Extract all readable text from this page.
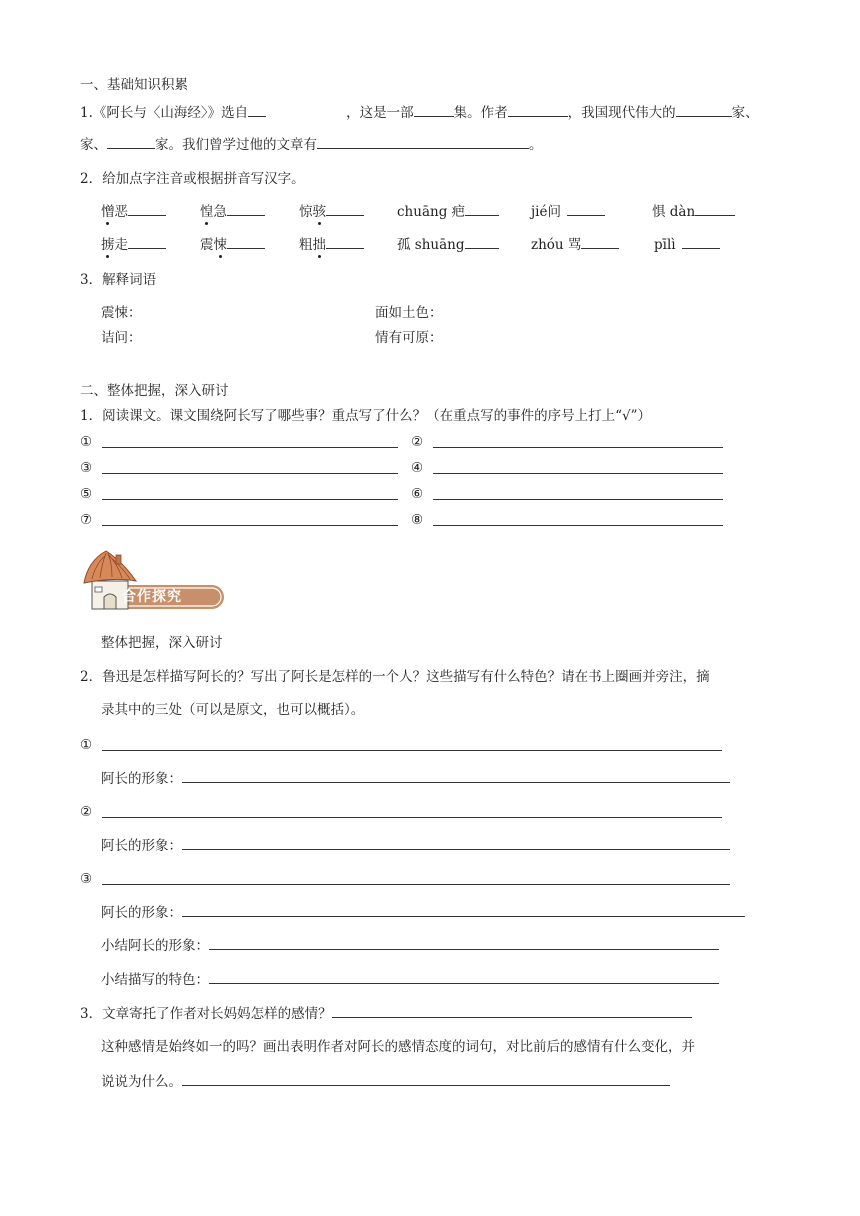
一、基础知识积累
1.《阿长与〈山海经〉》选自	，这是一部	集。作者	，我国现代伟大的	家、
家、	家。我们曾学过他的文章有	。
2．给加点字注音或根据拼音写汉字。
憎恶	惶急	惊骇	chuāng 疤	jié问	惧 dàn
掳走	震悚	粗拙	孤 shuāng	zhóu 骂	pīlì
3．解释词语
震悚：	面如土色：
诘问：	情有可原：
二、整体把握，深入研讨
1．阅读课文。课文围绕阿长写了哪些事？重点写了什么？（在重点写的事件的序号上打上“√”）
①	②
③	④
⑤	⑥
⑦	⑧
合作探究
整体把握，深入研讨
2．鲁迅是怎样描写阿长的？写出了阿长是怎样的一个人？这些描写有什么特色？请在书上圈画并旁注，摘
录其中的三处（可以是原文，也可以概括）。
①
阿长的形象：
②
阿长的形象：
③
阿长的形象：
小结阿长的形象：
小结描写的特色：
3．文章寄托了作者对长妈妈怎样的感情？
这种感情是始终如一的吗？画出表明作者对阿长的感情态度的词句，对比前后的感情有什么变化，并
说说为什么。
